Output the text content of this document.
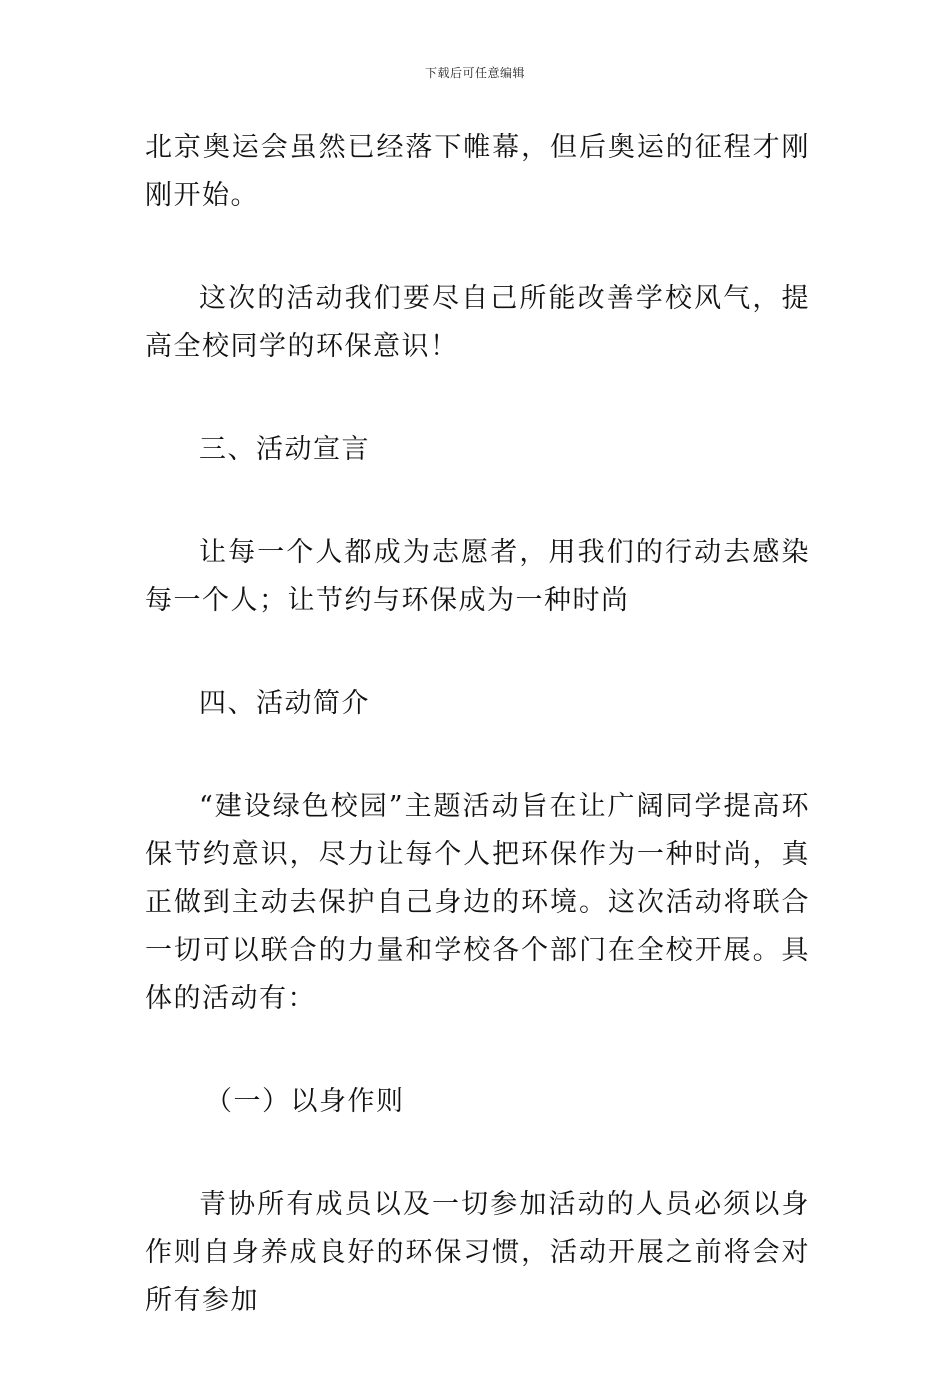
下载后可任意编辑

北京奥运会虽然已经落下帷幕，但后奥运的征程才刚刚开始。

这次的活动我们要尽自己所能改善学校风气，提高全校同学的环保意识！

三、活动宣言

让每一个人都成为志愿者，用我们的行动去感染每一个人；让节约与环保成为一种时尚

四、活动简介

“建设绿色校园”主题活动旨在让广阔同学提高环保节约意识，尽力让每个人把环保作为一种时尚，真正做到主动去保护自己身边的环境。这次活动将联合一切可以联合的力量和学校各个部门在全校开展。具体的活动有：

（一）以身作则

青协所有成员以及一切参加活动的人员必须以身作则自身养成良好的环保习惯，活动开展之前将会对所有参加
